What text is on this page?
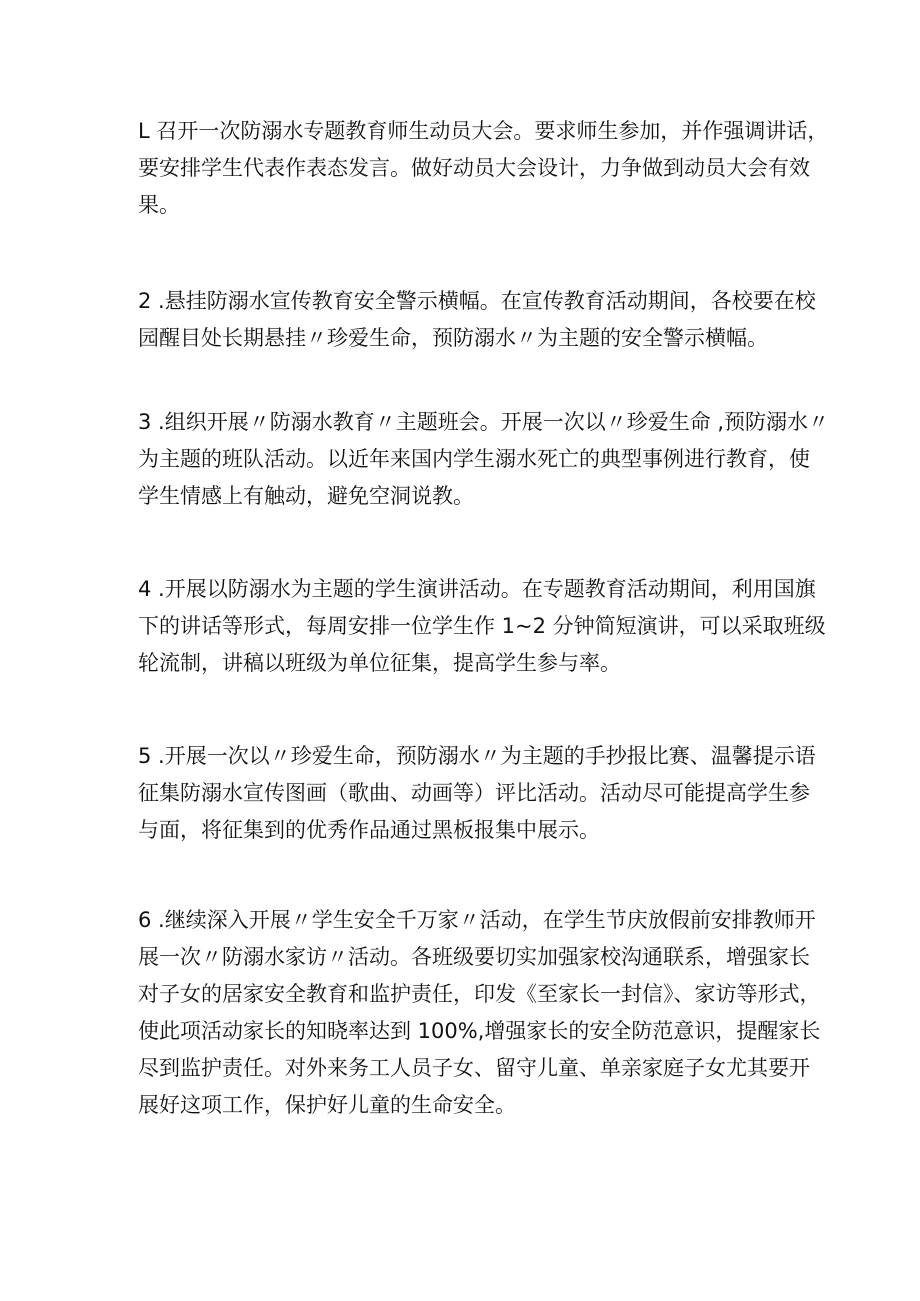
L 召开一次防溺水专题教育师生动员大会。要求师生参加，并作强调讲话，
要安排学生代表作表态发言。做好动员大会设计，力争做到动员大会有效
果。
2 .悬挂防溺水宣传教育安全警示横幅。在宣传教育活动期间，各校要在校
园醒目处长期悬挂〃珍爱生命，预防溺水〃为主题的安全警示横幅。
3 .组织开展〃防溺水教育〃主题班会。开展一次以〃珍爱生命 ,预防溺水〃
为主题的班队活动。以近年来国内学生溺水死亡的典型事例进行教育，使
学生情感上有触动，避免空洞说教。
4 .开展以防溺水为主题的学生演讲活动。在专题教育活动期间，利用国旗
下的讲话等形式，每周安排一位学生作 1~2 分钟简短演讲，可以采取班级
轮流制，讲稿以班级为单位征集，提高学生参与率。
5 .开展一次以〃珍爱生命，预防溺水〃为主题的手抄报比赛、温馨提示语
征集防溺水宣传图画（歌曲、动画等）评比活动。活动尽可能提高学生参
与面，将征集到的优秀作品通过黑板报集中展示。
6 .继续深入开展〃学生安全千万家〃活动，在学生节庆放假前安排教师开
展一次〃防溺水家访〃活动。各班级要切实加强家校沟通联系，增强家长
对子女的居家安全教育和监护责任，印发《至家长一封信》、家访等形式，
使此项活动家长的知晓率达到 100%,增强家长的安全防范意识，提醒家长
尽到监护责任。对外来务工人员子女、留守儿童、单亲家庭子女尤其要开
展好这项工作，保护好儿童的生命安全。
